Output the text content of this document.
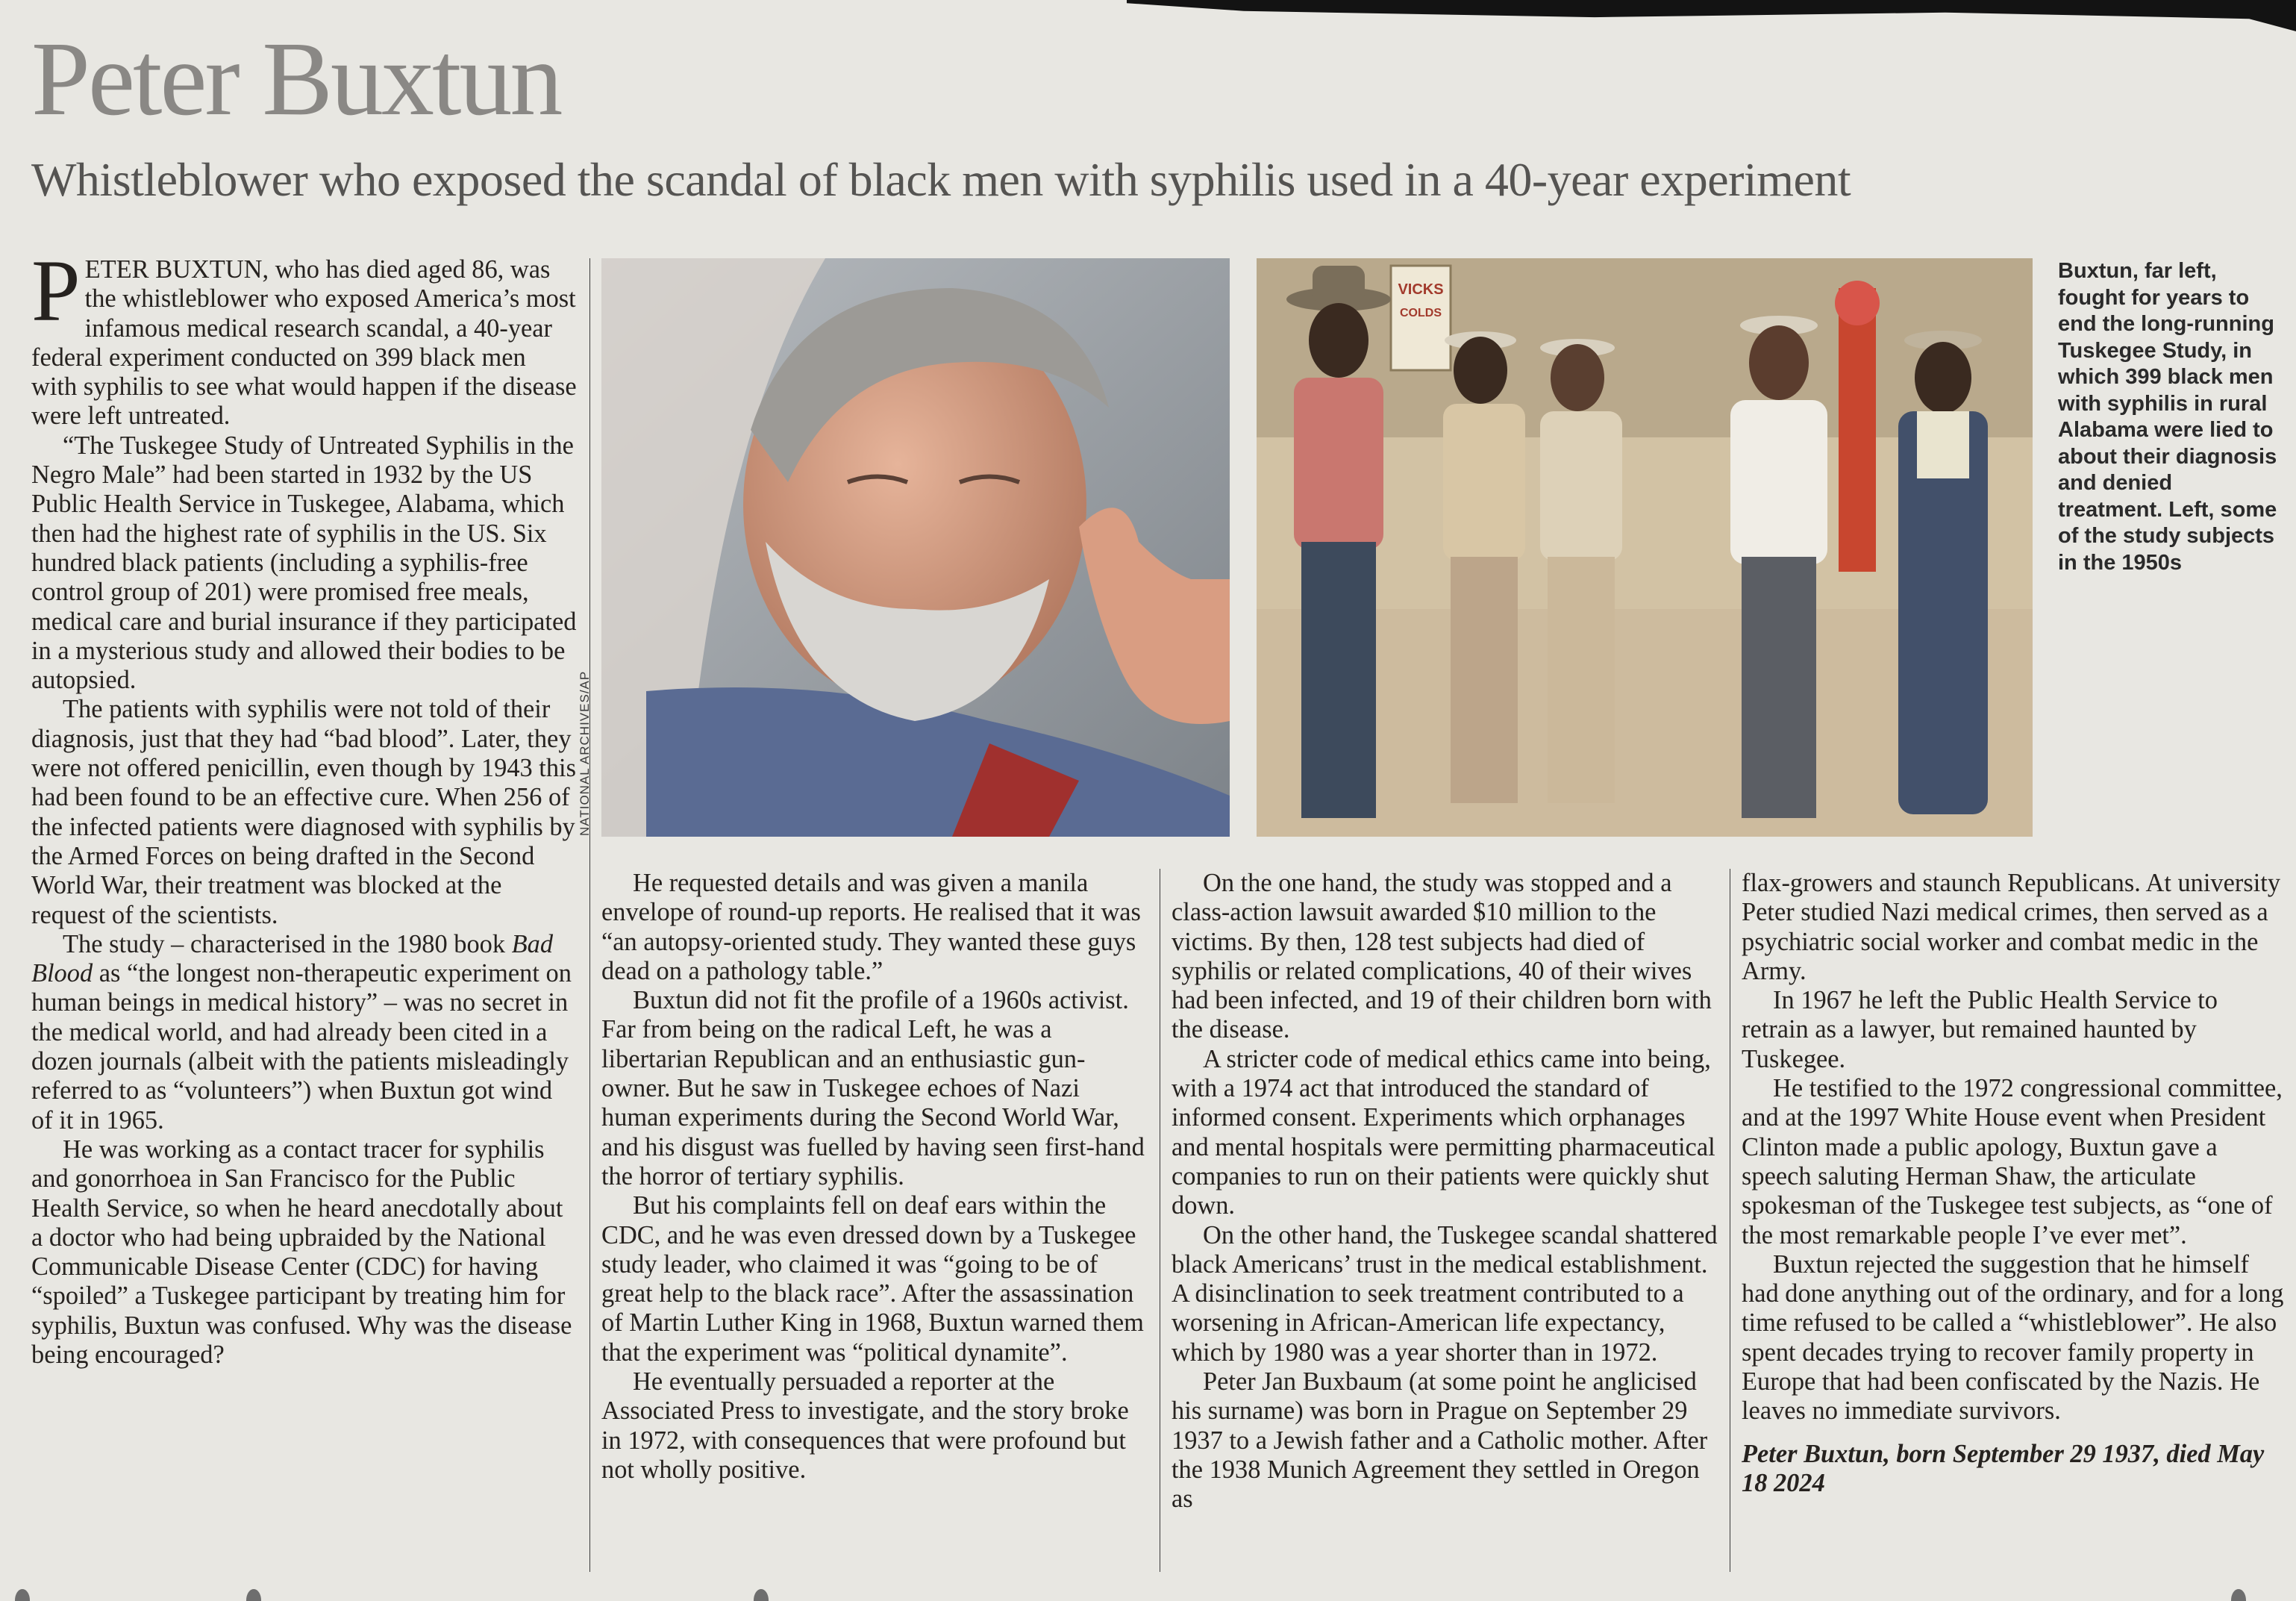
Peter Buxtun
Whistleblower who exposed the scandal of black men with syphilis used in a 40-year experiment

PETER BUXTUN, who has died aged 86, was the whistleblower who exposed America’s most infamous medical research scandal, a 40-year federal experiment conducted on 399 black men with syphilis to see what would happen if the disease were left untreated.

“The Tuskegee Study of Untreated Syphilis in the Negro Male” had been started in 1932 by the US Public Health Service in Tuskegee, Alabama, which then had the highest rate of syphilis in the US. Six hundred black patients (including a syphilis-free control group of 201) were promised free meals, medical care and burial insurance if they participated in a mysterious study and allowed their bodies to be autopsied.

The patients with syphilis were not told of their diagnosis, just that they had “bad blood”. Later, they were not offered penicillin, even though by 1943 this had been found to be an effective cure. When 256 of the infected patients were diagnosed with syphilis by the Armed Forces on being drafted in the Second World War, their treatment was blocked at the request of the scientists.

The study – characterised in the 1980 book Bad Blood as “the longest non-therapeutic experiment on human beings in medical history” – was no secret in the medical world, and had already been cited in a dozen journals (albeit with the patients misleadingly referred to as “volunteers”) when Buxtun got wind of it in 1965.

He was working as a contact tracer for syphilis and gonorrhoea in San Francisco for the Public Health Service, so when he heard anecdotally about a doctor who had being upbraided by the National Communicable Disease Center (CDC) for having “spoiled” a Tuskegee participant by treating him for syphilis, Buxtun was confused. Why was the disease being encouraged?

NATIONAL ARCHIVES/AP
VICKS
COLDS
Buxtun, far left, fought for years to end the long-running Tuskegee Study, in which 399 black men with syphilis in rural Alabama were lied to about their diagnosis and denied treatment. Left, some of the study subjects in the 1950s

He requested details and was given a manila envelope of round-up reports. He realised that it was “an autopsy-oriented study. They wanted these guys dead on a pathology table.”

Buxtun did not fit the profile of a 1960s activist. Far from being on the radical Left, he was a libertarian Republican and an enthusiastic gun-owner. But he saw in Tuskegee echoes of Nazi human experiments during the Second World War, and his disgust was fuelled by having seen first-hand the horror of tertiary syphilis.

But his complaints fell on deaf ears within the CDC, and he was even dressed down by a Tuskegee study leader, who claimed it was “going to be of great help to the black race”. After the assassination of Martin Luther King in 1968, Buxtun warned them that the experiment was “political dynamite”.

He eventually persuaded a reporter at the Associated Press to investigate, and the story broke in 1972, with consequences that were profound but not wholly positive.

On the one hand, the study was stopped and a class-action lawsuit awarded $10 million to the victims. By then, 128 test subjects had died of syphilis or related complications, 40 of their wives had been infected, and 19 of their children born with the disease.

A stricter code of medical ethics came into being, with a 1974 act that introduced the standard of informed consent. Experiments which orphanages and mental hospitals were permitting pharmaceutical companies to run on their patients were quickly shut down.

On the other hand, the Tuskegee scandal shattered black Americans’ trust in the medical establishment. A disinclination to seek treatment contributed to a worsening in African-American life expectancy, which by 1980 was a year shorter than in 1972.

Peter Jan Buxbaum (at some point he anglicised his surname) was born in Prague on September 29 1937 to a Jewish father and a Catholic mother. After the 1938 Munich Agreement they settled in Oregon as

flax-growers and staunch Republicans. At university Peter studied Nazi medical crimes, then served as a psychiatric social worker and combat medic in the Army.

In 1967 he left the Public Health Service to retrain as a lawyer, but remained haunted by Tuskegee.

He testified to the 1972 congressional committee, and at the 1997 White House event when President Clinton made a public apology, Buxtun gave a speech saluting Herman Shaw, the articulate spokesman of the Tuskegee test subjects, as “one of the most remarkable people I’ve ever met”.

Buxtun rejected the suggestion that he himself had done anything out of the ordinary, and for a long time refused to be called a “whistleblower”. He also spent decades trying to recover family property in Europe that had been confiscated by the Nazis. He leaves no immediate survivors.

Peter Buxtun, born September 29 1937, died May 18 2024
